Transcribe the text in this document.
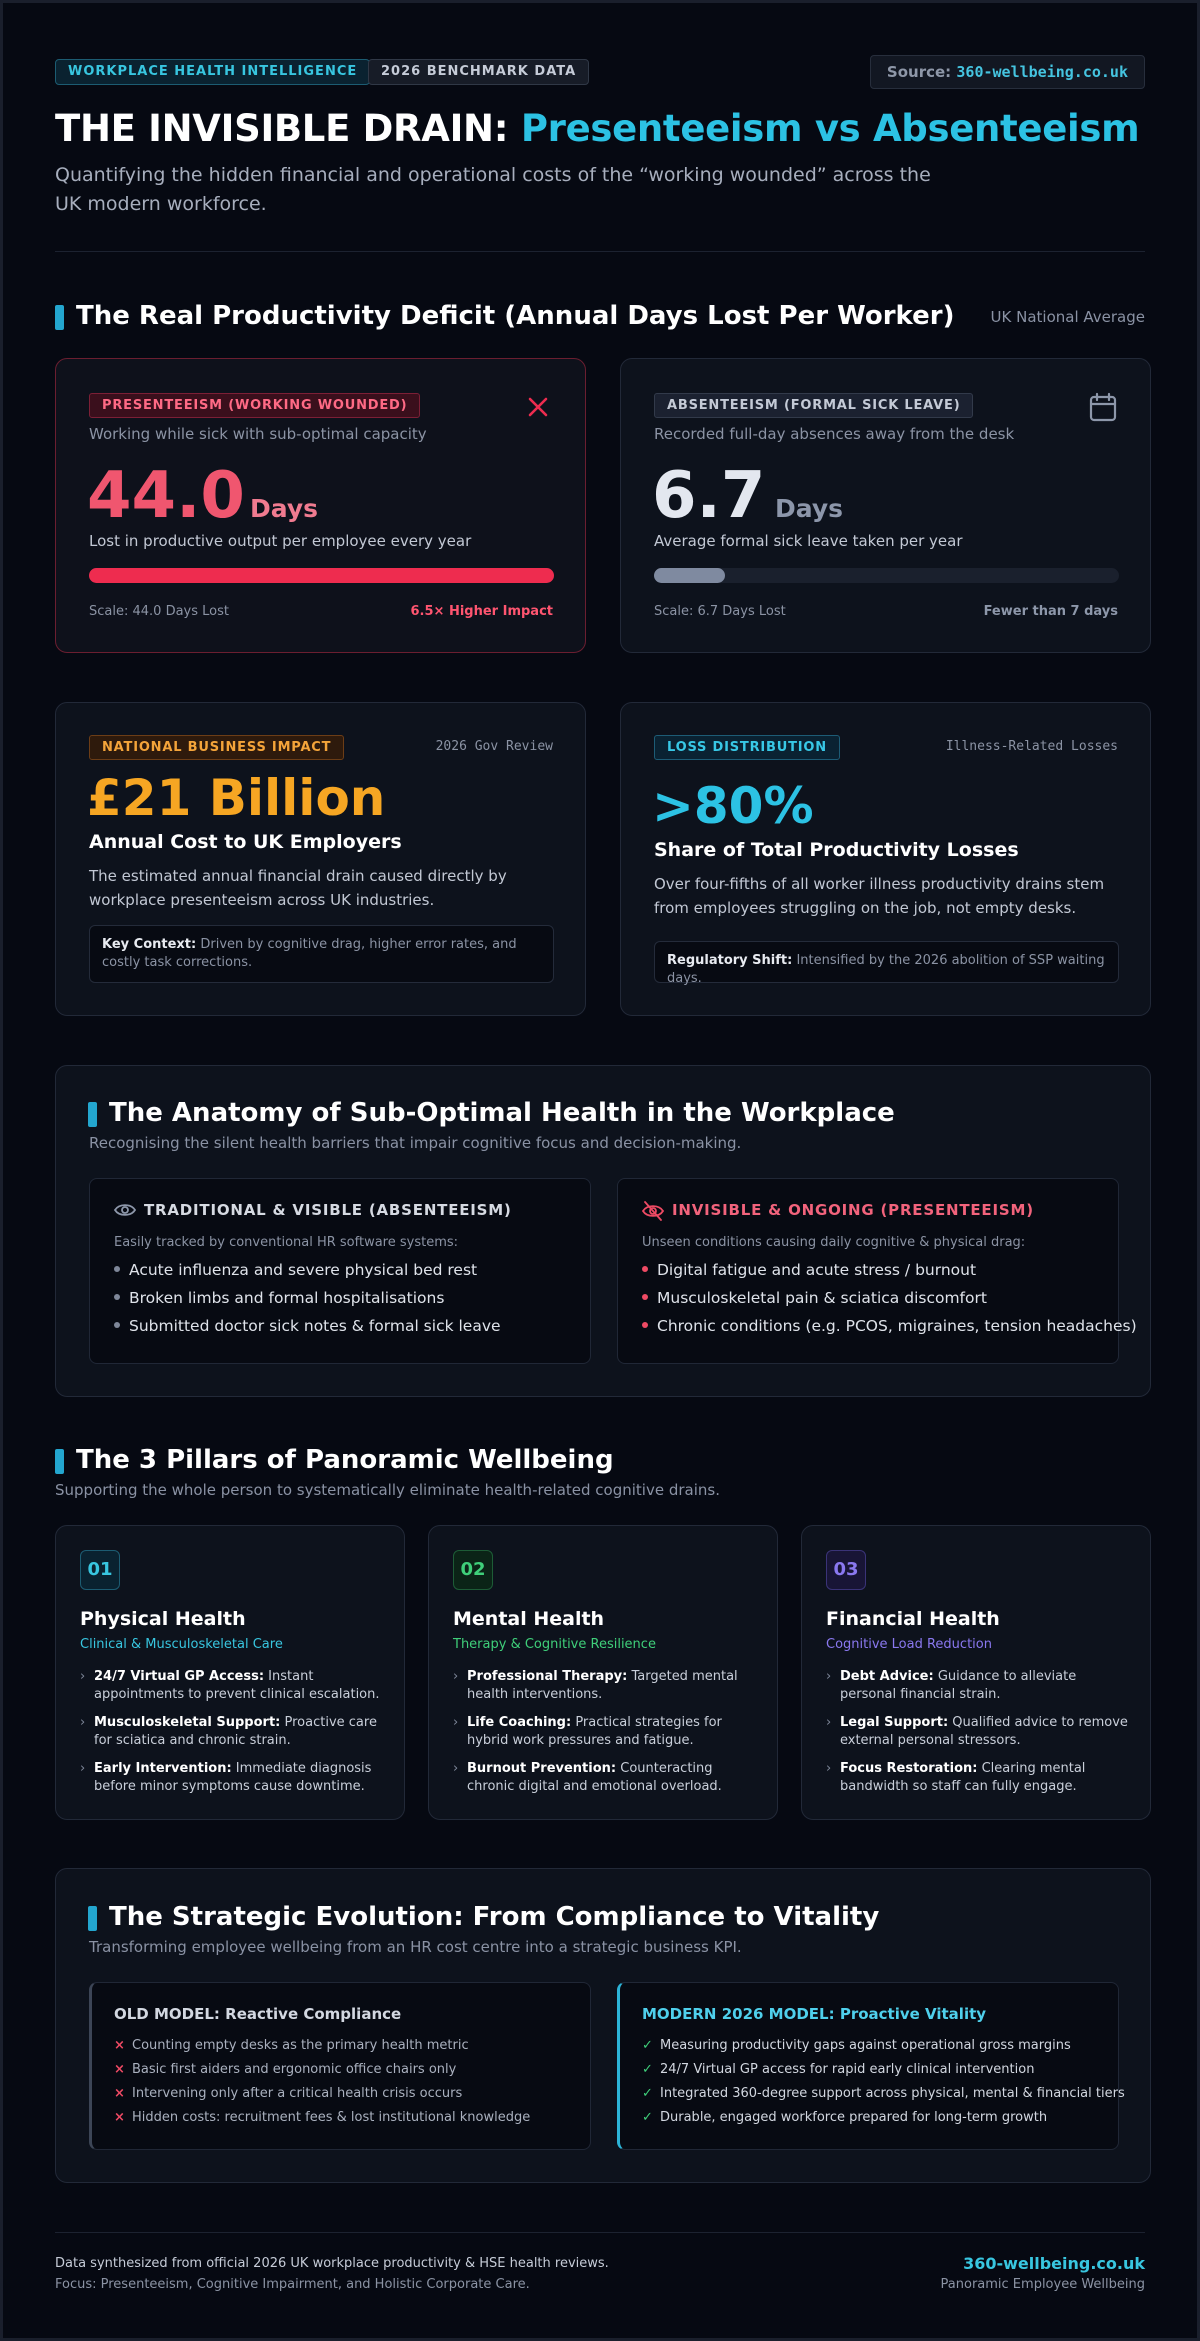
WORKPLACE HEALTH INTELLIGENCE	2026 BENCHMARK DATA	Source: 360-wellbeing.co.uk
THE INVISIBLE DRAIN: Presenteeism vs Absenteeism
Quantifying the hidden financial and operational costs of the “working wounded” across the UK modern workforce.
The Real Productivity Deficit (Annual Days Lost Per Worker) UK National Average
PRESENTEEISM (WORKING WOUNDED)
Working while sick with sub-optimal capacity
44.0 Days
Lost in productive output per employee every year
Scale: 44.0 Days Lost	6.5× Higher Impact
ABSENTEEISM (FORMAL SICK LEAVE)
Recorded full-day absences away from the desk
6.7 Days
Average formal sick leave taken per year
Scale: 6.7 Days Lost	Fewer than 7 days
NATIONAL BUSINESS IMPACT	2026 Gov Review
£21 Billion
Annual Cost to UK Employers
The estimated annual financial drain caused directly by workplace presenteeism across UK industries.
Key Context: Driven by cognitive drag, higher error rates, and costly task corrections.
LOSS DISTRIBUTION	Illness-Related Losses
>80%
Share of Total Productivity Losses
Over four-fifths of all worker illness productivity drains stem from employees struggling on the job, not empty desks.
Regulatory Shift: Intensified by the 2026 abolition of SSP waiting days.
The Anatomy of Sub-Optimal Health in the Workplace
Recognising the silent health barriers that impair cognitive focus and decision-making.
TRADITIONAL & VISIBLE (ABSENTEEISM)
Easily tracked by conventional HR software systems:
Acute influenza and severe physical bed rest
Broken limbs and formal hospitalisations
Submitted doctor sick notes & formal sick leave
INVISIBLE & ONGOING (PRESENTEEISM)
Unseen conditions causing daily cognitive & physical drag:
Digital fatigue and acute stress / burnout
Musculoskeletal pain & sciatica discomfort
Chronic conditions (e.g. PCOS, migraines, tension headaches)
The 3 Pillars of Panoramic Wellbeing
Supporting the whole person to systematically eliminate health-related cognitive drains.
01
Physical Health
Clinical & Musculoskeletal Care
› 24/7 Virtual GP Access: Instant appointments to prevent clinical escalation.
› Musculoskeletal Support: Proactive care for sciatica and chronic strain.
› Early Intervention: Immediate diagnosis before minor symptoms cause downtime.
02
Mental Health
Therapy & Cognitive Resilience
› Professional Therapy: Targeted mental health interventions.
› Life Coaching: Practical strategies for hybrid work pressures and fatigue.
› Burnout Prevention: Counteracting chronic digital and emotional overload.
03
Financial Health
Cognitive Load Reduction
› Debt Advice: Guidance to alleviate personal financial strain.
› Legal Support: Qualified advice to remove external personal stressors.
› Focus Restoration: Clearing mental bandwidth so staff can fully engage.
The Strategic Evolution: From Compliance to Vitality
Transforming employee wellbeing from an HR cost centre into a strategic business KPI.
OLD MODEL: Reactive Compliance
× Counting empty desks as the primary health metric
× Basic first aiders and ergonomic office chairs only
× Intervening only after a critical health crisis occurs
× Hidden costs: recruitment fees & lost institutional knowledge
MODERN 2026 MODEL: Proactive Vitality
✓ Measuring productivity gaps against operational gross margins
✓ 24/7 Virtual GP access for rapid early clinical intervention
✓ Integrated 360-degree support across physical, mental & financial tiers
✓ Durable, engaged workforce prepared for long-term growth
Data synthesized from official 2026 UK workplace productivity & HSE health reviews.
Focus: Presenteeism, Cognitive Impairment, and Holistic Corporate Care.
360-wellbeing.co.uk
Panoramic Employee Wellbeing
